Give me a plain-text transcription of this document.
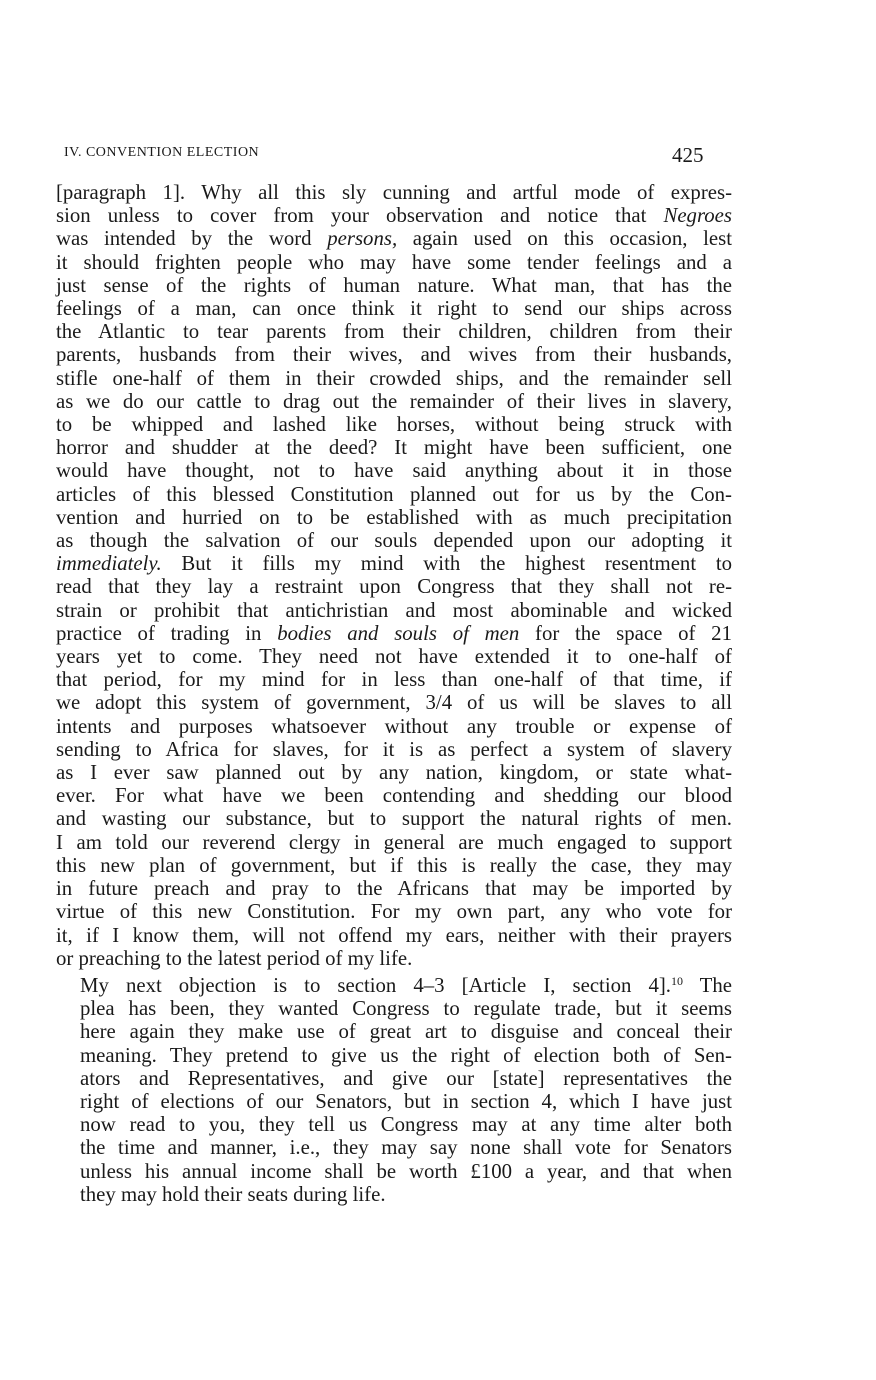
IV. CONVENTION ELECTION	425
[paragraph 1]. Why all this sly cunning and artful mode of expres-
sion unless to cover from your observation and notice that Negroes
was intended by the word persons, again used on this occasion, lest
it should frighten people who may have some tender feelings and a
just sense of the rights of human nature. What man, that has the
feelings of a man, can once think it right to send our ships across
the Atlantic to tear parents from their children, children from their
parents, husbands from their wives, and wives from their husbands,
stifle one-half of them in their crowded ships, and the remainder sell
as we do our cattle to drag out the remainder of their lives in slavery,
to be whipped and lashed like horses, without being struck with
horror and shudder at the deed? It might have been sufficient, one
would have thought, not to have said anything about it in those
articles of this blessed Constitution planned out for us by the Con-
vention and hurried on to be established with as much precipitation
as though the salvation of our souls depended upon our adopting it
immediately. But it fills my mind with the highest resentment to
read that they lay a restraint upon Congress that they shall not re-
strain or prohibit that antichristian and most abominable and wicked
practice of trading in bodies and souls of men for the space of 21
years yet to come. They need not have extended it to one-half of
that period, for my mind for in less than one-half of that time, if
we adopt this system of government, 3/4 of us will be slaves to all
intents and purposes whatsoever without any trouble or expense of
sending to Africa for slaves, for it is as perfect a system of slavery
as I ever saw planned out by any nation, kingdom, or state what-
ever. For what have we been contending and shedding our blood
and wasting our substance, but to support the natural rights of men.
I am told our reverend clergy in general are much engaged to support
this new plan of government, but if this is really the case, they may
in future preach and pray to the Africans that may be imported by
virtue of this new Constitution. For my own part, any who vote for
it, if I know them, will not offend my ears, neither with their prayers
or preaching to the latest period of my life.
My next objection is to section 4–3 [Article I, section 4].$^{10}$ The
plea has been, they wanted Congress to regulate trade, but it seems
here again they make use of great art to disguise and conceal their
meaning. They pretend to give us the right of election both of Sen-
ators and Representatives, and give our [state] representatives the
right of elections of our Senators, but in section 4, which I have just
now read to you, they tell us Congress may at any time alter both
the time and manner, i.e., they may say none shall vote for Senators
unless his annual income shall be worth £100 a year, and that when
they may hold their seats during life.
